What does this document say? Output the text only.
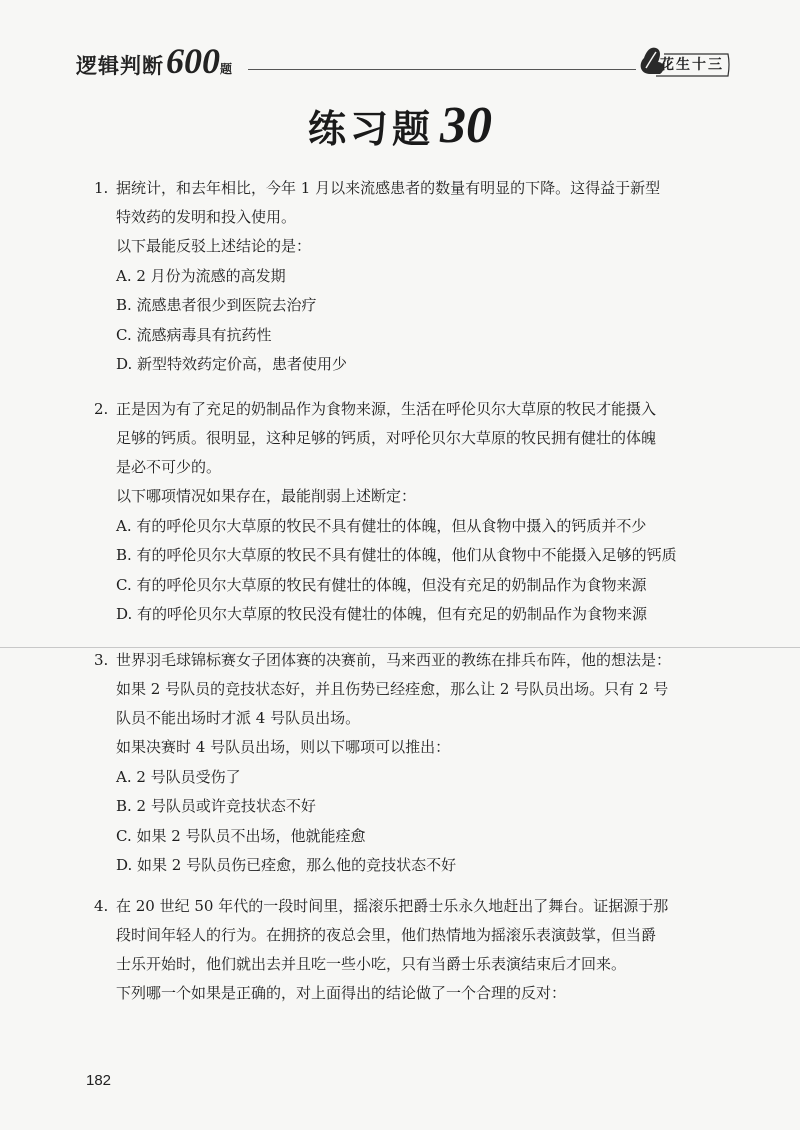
逻辑判断600题	花生十三
练习题 30
1. 据统计，和去年相比，今年 1 月以来流感患者的数量有明显的下降。这得益于新型
特效药的发明和投入使用。
以下最能反驳上述结论的是：
A. 2 月份为流感的高发期
B. 流感患者很少到医院去治疗
C. 流感病毒具有抗药性
D. 新型特效药定价高，患者使用少
2. 正是因为有了充足的奶制品作为食物来源，生活在呼伦贝尔大草原的牧民才能摄入
足够的钙质。很明显，这种足够的钙质，对呼伦贝尔大草原的牧民拥有健壮的体魄
是必不可少的。
以下哪项情况如果存在，最能削弱上述断定：
A. 有的呼伦贝尔大草原的牧民不具有健壮的体魄，但从食物中摄入的钙质并不少
B. 有的呼伦贝尔大草原的牧民不具有健壮的体魄，他们从食物中不能摄入足够的钙质
C. 有的呼伦贝尔大草原的牧民有健壮的体魄，但没有充足的奶制品作为食物来源
D. 有的呼伦贝尔大草原的牧民没有健壮的体魄，但有充足的奶制品作为食物来源
3. 世界羽毛球锦标赛女子团体赛的决赛前，马来西亚的教练在排兵布阵，他的想法是：
如果 2 号队员的竞技状态好，并且伤势已经痊愈，那么让 2 号队员出场。只有 2 号
队员不能出场时才派 4 号队员出场。
如果决赛时 4 号队员出场，则以下哪项可以推出：
A. 2 号队员受伤了
B. 2 号队员或许竞技状态不好
C. 如果 2 号队员不出场，他就能痊愈
D. 如果 2 号队员伤已痊愈，那么他的竞技状态不好
4. 在 20 世纪 50 年代的一段时间里，摇滚乐把爵士乐永久地赶出了舞台。证据源于那
段时间年轻人的行为。在拥挤的夜总会里，他们热情地为摇滚乐表演鼓掌，但当爵
士乐开始时，他们就出去并且吃一些小吃，只有当爵士乐表演结束后才回来。
下列哪一个如果是正确的，对上面得出的结论做了一个合理的反对：
182
